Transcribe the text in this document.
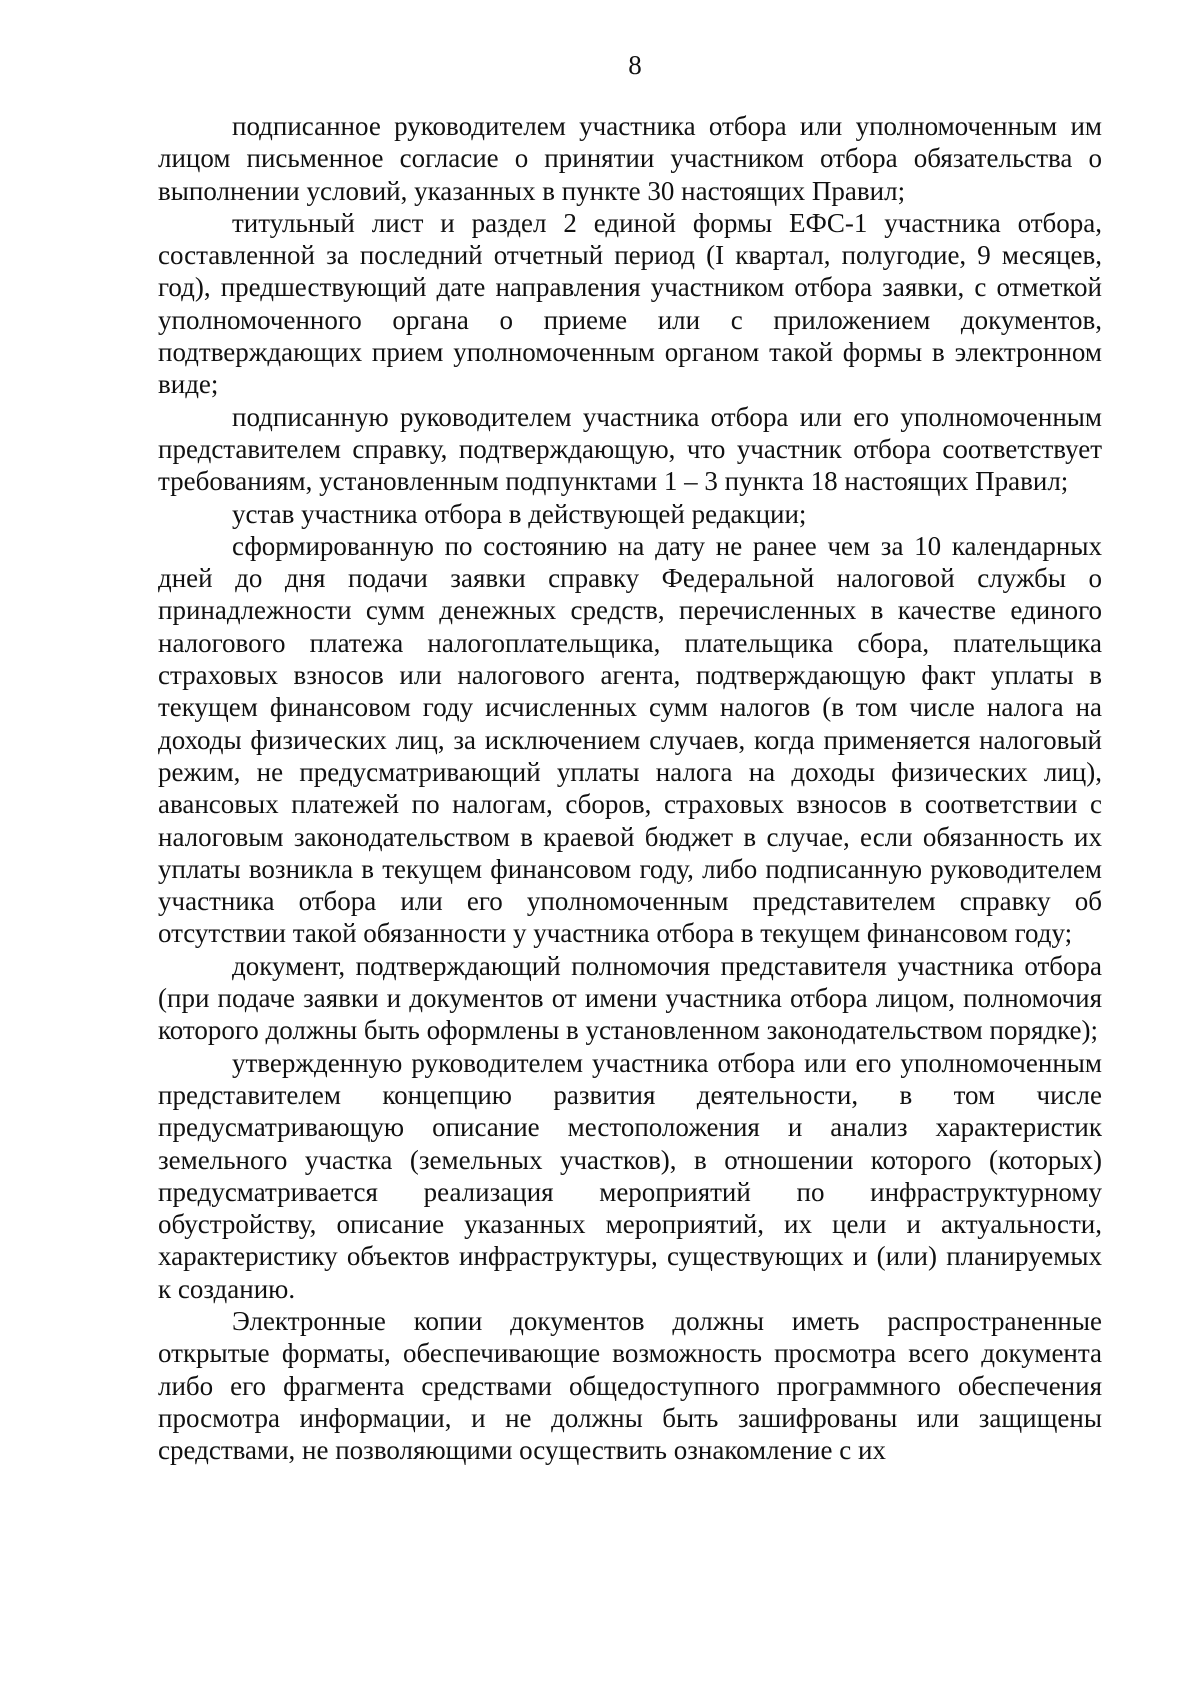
8

подписанное руководителем участника отбора или уполномоченным им лицом письменное согласие о принятии участником отбора обязательства о выполнении условий, указанных в пункте 30 настоящих Правил;

титульный лист и раздел 2 единой формы ЕФС-1 участника отбора, составленной за последний отчетный период (I квартал, полугодие, 9 месяцев, год), предшествующий дате направления участником отбора заявки, с отметкой уполномоченного органа о приеме или с приложением документов, подтверждающих прием уполномоченным органом такой формы в электронном виде;

подписанную руководителем участника отбора или его уполномоченным представителем справку, подтверждающую, что участник отбора соответствует требованиям, установленным подпунктами 1 – 3 пункта 18 настоящих Правил;

устав участника отбора в действующей редакции;

сформированную по состоянию на дату не ранее чем за 10 календарных дней до дня подачи заявки справку Федеральной налоговой службы о принадлежности сумм денежных средств, перечисленных в качестве единого налогового платежа налогоплательщика, плательщика сбора, плательщика страховых взносов или налогового агента, подтверждающую факт уплаты в текущем финансовом году исчисленных сумм налогов (в том числе налога на доходы физических лиц, за исключением случаев, когда применяется налоговый режим, не предусматривающий уплаты налога на доходы физических лиц), авансовых платежей по налогам, сборов, страховых взносов в соответствии с налоговым законодательством в краевой бюджет в случае, если обязанность их уплаты возникла в текущем финансовом году, либо подписанную руководителем участника отбора или его уполномоченным представителем справку об отсутствии такой обязанности у участника отбора в текущем финансовом году;

документ, подтверждающий полномочия представителя участника отбора (при подаче заявки и документов от имени участника отбора лицом, полномочия которого должны быть оформлены в установленном законодательством порядке);

утвержденную руководителем участника отбора или его уполномоченным представителем концепцию развития деятельности, в том числе предусматривающую описание местоположения и анализ характеристик земельного участка (земельных участков), в отношении которого (которых) предусматривается реализация мероприятий по инфраструктурному обустройству, описание указанных мероприятий, их цели и актуальности, характеристику объектов инфраструктуры, существующих и (или) планируемых к созданию.

Электронные копии документов должны иметь распространенные открытые форматы, обеспечивающие возможность просмотра всего документа либо его фрагмента средствами общедоступного программного обеспечения просмотра информации, и не должны быть зашифрованы или защищены средствами, не позволяющими осуществить ознакомление с их
